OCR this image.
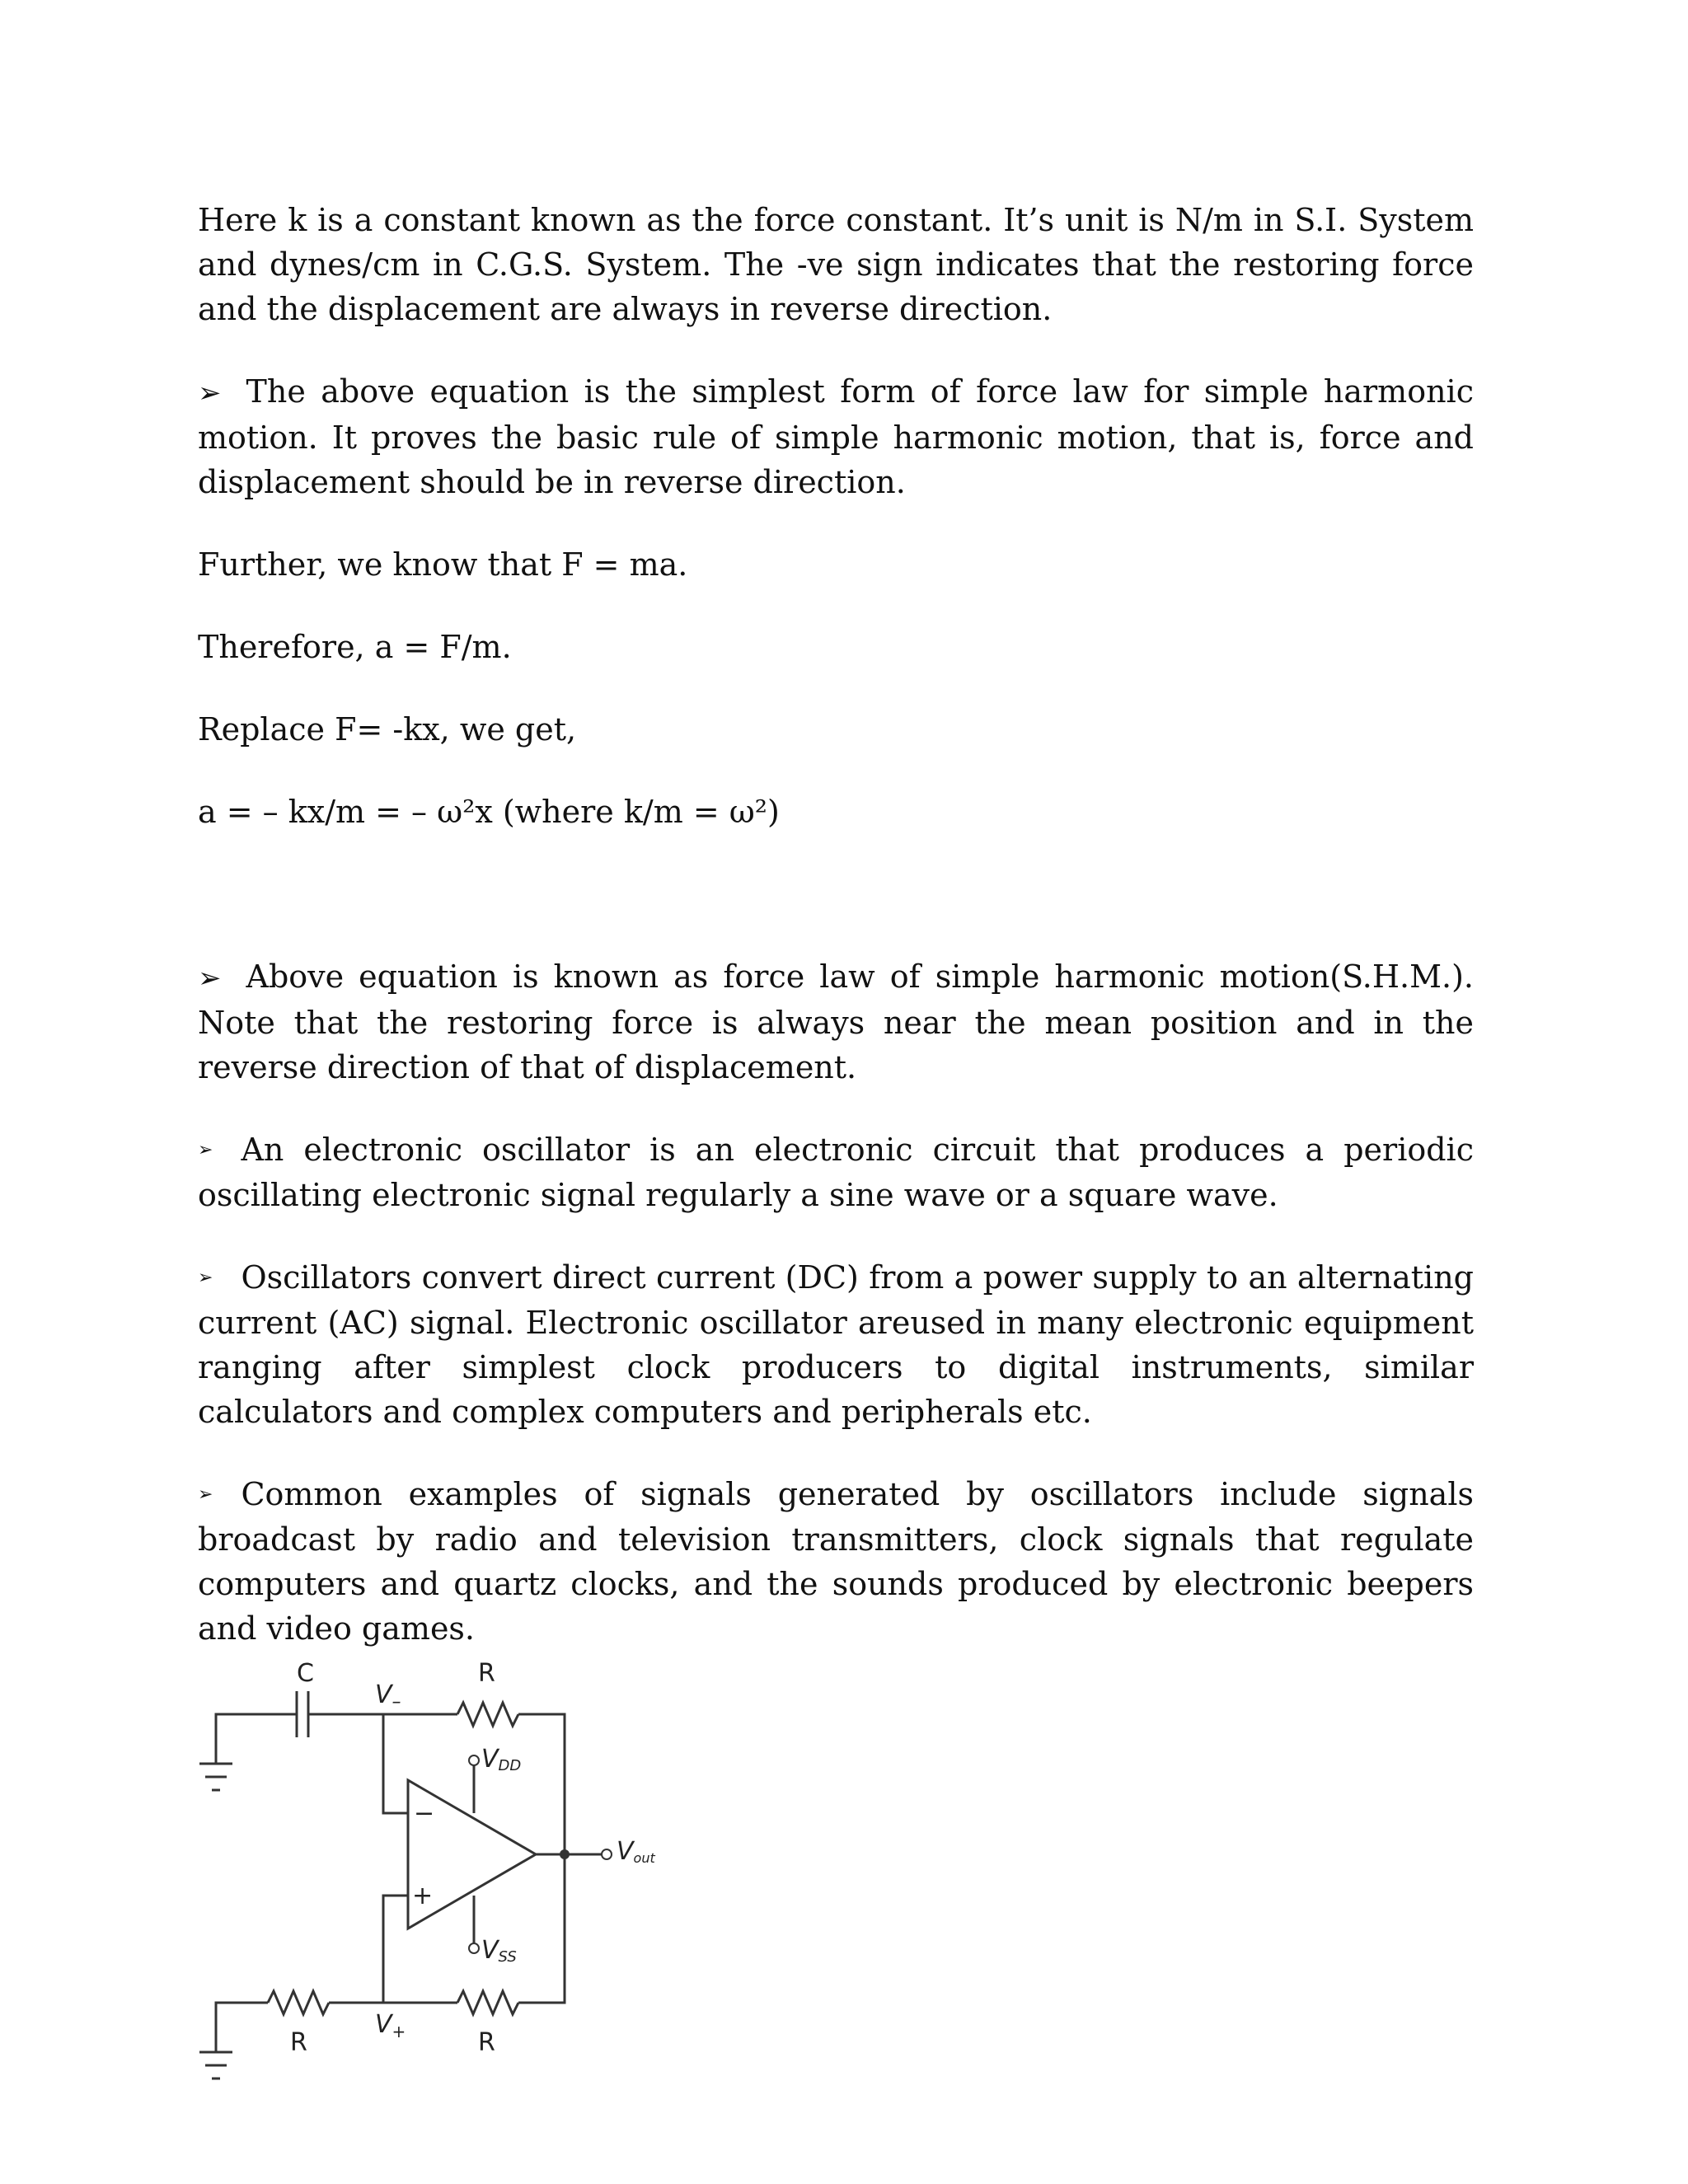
Here k is a constant known as the force constant. It’s unit is N/m in S.I. System and dynes/cm in C.G.S. System. The -ve sign indicates that the restoring force and the displacement are always in reverse direction.

➢ The above equation is the simplest form of force law for simple harmonic motion. It proves the basic rule of simple harmonic motion, that is, force and displacement should be in reverse direction.

Further, we know that F = ma.

Therefore, a = F/m.

Replace F= -kx, we get,

a = – kx/m = – ω²x (where k/m = ω²)

➢ Above equation is known as force law of simple harmonic motion(S.H.M.). Note that the restoring force is always near the mean position and in the reverse direction of that of displacement.

➢ An electronic oscillator is an electronic circuit that produces a periodic oscillating electronic signal regularly a sine wave or a square wave.

➢ Oscillators convert direct current (DC) from a power supply to an alternating current (AC) signal. Electronic oscillator areused in many electronic equipment ranging after simplest clock producers to digital instruments, similar calculators and complex computers and peripherals etc.

➢ Common examples of signals generated by oscillators include signals broadcast by radio and television transmitters, clock signals that regulate computers and quartz clocks, and the sounds produced by electronic beepers and video games.

C	R
$V_-$
−
+
VDD
VSS
Vout
$V_+$
R	R
